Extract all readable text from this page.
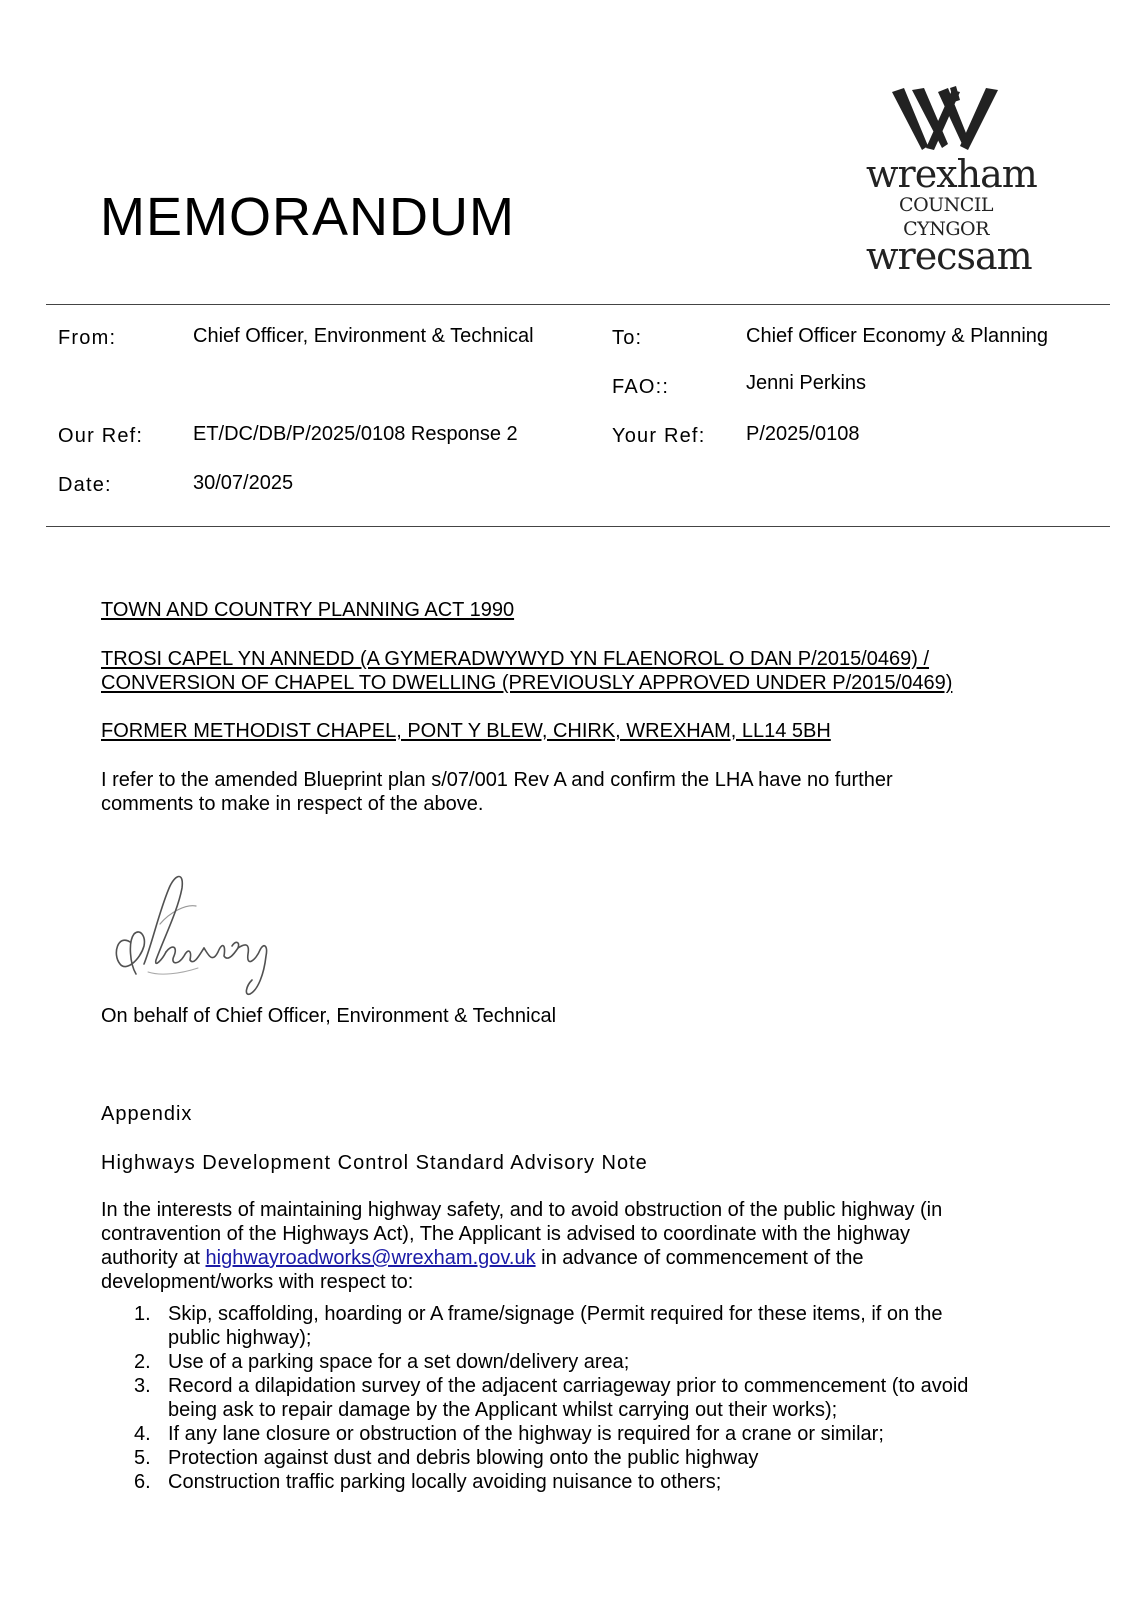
MEMORANDUM
wrexham
COUNCIL
CYNGOR
wrecsam
From:	Chief Officer, Environment & Technical	To:	Chief Officer Economy & Planning
FAO::	Jenni Perkins
Our Ref: ET/DC/DB/P/2025/0108 Response 2	Your Ref: P/2025/0108
Date:	30/07/2025
TOWN AND COUNTRY PLANNING ACT 1990
TROSI CAPEL YN ANNEDD (A GYMERADWYWYD YN FLAENOROL O DAN P/2015/0469) /
CONVERSION OF CHAPEL TO DWELLING (PREVIOUSLY APPROVED UNDER P/2015/0469)
FORMER METHODIST CHAPEL, PONT Y BLEW, CHIRK, WREXHAM, LL14 5BH
I refer to the amended Blueprint plan s/07/001 Rev A and confirm the LHA have no further
comments to make in respect of the above.
On behalf of Chief Officer, Environment & Technical
Appendix
Highways Development Control Standard Advisory Note
In the interests of maintaining highway safety, and to avoid obstruction of the public highway (in
contravention of the Highways Act), The Applicant is advised to coordinate with the highway
authority at highwayroadworks@wrexham.gov.uk in advance of commencement of the
development/works with respect to:
1. Skip, scaffolding, hoarding or A frame/signage (Permit required for these items, if on the
public highway);
2. Use of a parking space for a set down/delivery area;
3. Record a dilapidation survey of the adjacent carriageway prior to commencement (to avoid
being ask to repair damage by the Applicant whilst carrying out their works);
4. If any lane closure or obstruction of the highway is required for a crane or similar;
5. Protection against dust and debris blowing onto the public highway
6. Construction traffic parking locally avoiding nuisance to others;
